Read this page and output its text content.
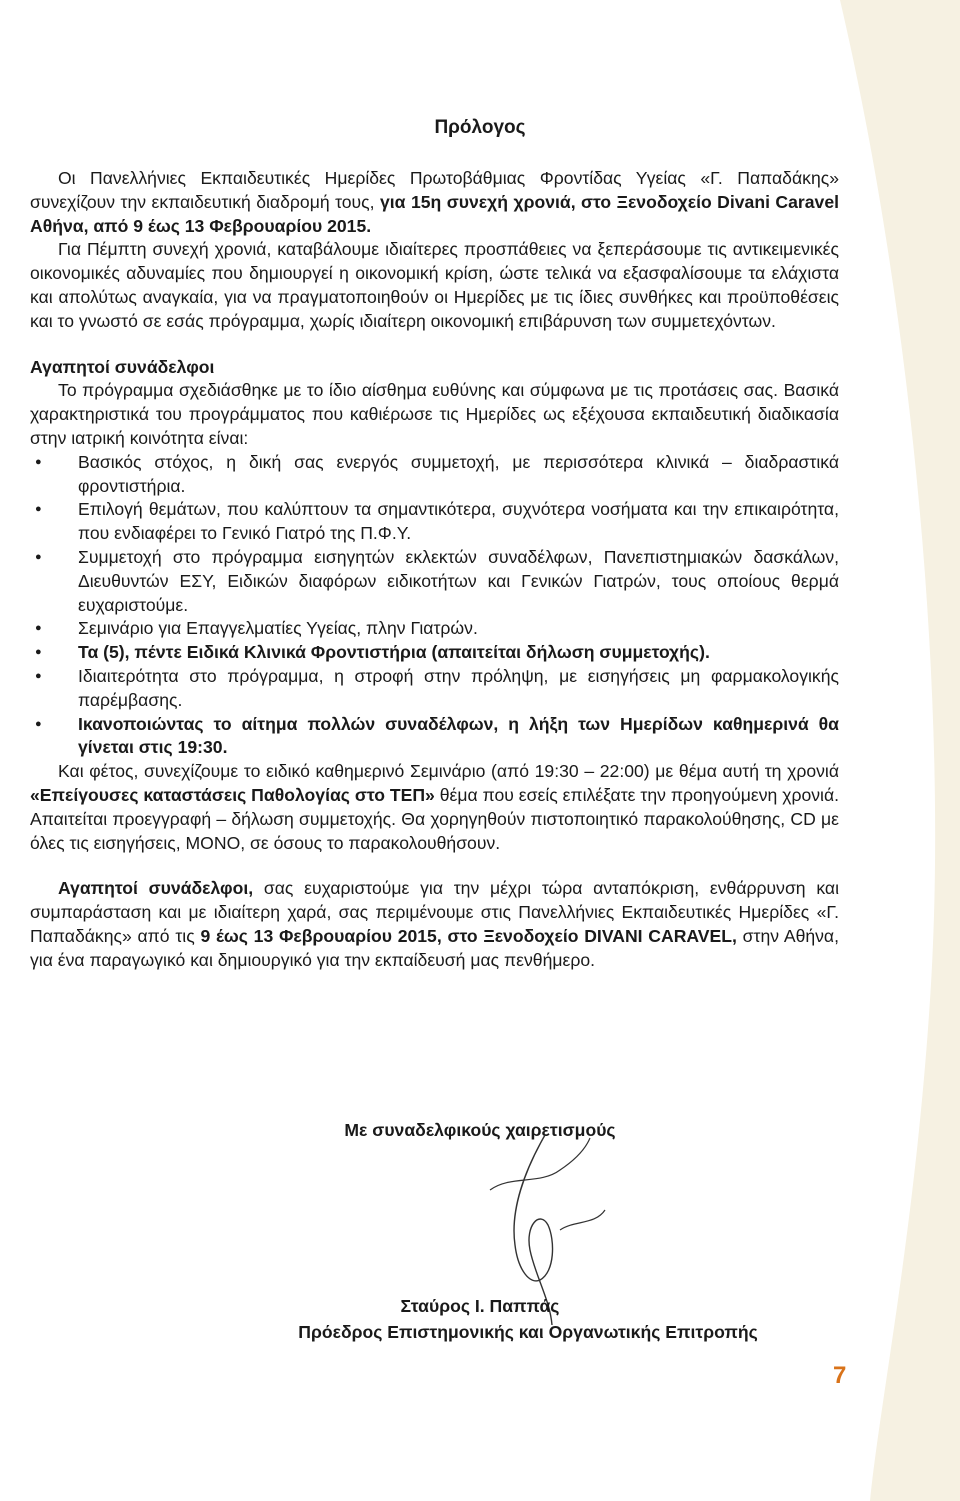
Πρόλογος

Οι Πανελλήνιες Εκπαιδευτικές Ημερίδες Πρωτοβάθμιας Φροντίδας Υγείας «Γ. Παπαδάκης» συνεχίζουν την εκπαιδευτική διαδρομή τους, για 15η συνεχή χρονιά, στο Ξενοδοχείο Divani Caravel Αθήνα, από 9 έως 13 Φεβρουαρίου 2015.

Για Πέμπτη συνεχή χρονιά, καταβάλουμε ιδιαίτερες προσπάθειες να ξεπεράσουμε τις αντικειμενικές οικονομικές αδυναμίες που δημιουργεί η οικονομική κρίση, ώστε τελικά να εξασφαλίσουμε τα ελάχιστα και απολύτως αναγκαία, για να πραγματοποιηθούν οι Ημερίδες με τις ίδιες συνθήκες και προϋποθέσεις και το γνωστό σε εσάς πρόγραμμα, χωρίς ιδιαίτερη οικονομική επιβάρυνση των συμμετεχόντων.

Αγαπητοί συνάδελφοι

Το πρόγραμμα σχεδιάσθηκε με το ίδιο αίσθημα ευθύνης και σύμφωνα με τις προτάσεις σας. Βασικά χαρακτηριστικά του προγράμματος που καθιέρωσε τις Ημερίδες ως εξέχουσα εκπαιδευτική διαδικασία στην ιατρική κοινότητα είναι:

● Βασικός στόχος, η δική σας ενεργός συμμετοχή, με περισσότερα κλινικά – διαδραστικά φροντιστήρια.
● Επιλογή θεμάτων, που καλύπτουν τα σημαντικότερα, συχνότερα νοσήματα και την επικαιρότητα, που ενδιαφέρει το Γενικό Γιατρό της Π.Φ.Υ.
● Συμμετοχή στο πρόγραμμα εισηγητών εκλεκτών συναδέλφων, Πανεπιστημιακών δασκάλων, Διευθυντών ΕΣΥ, Ειδικών διαφόρων ειδικοτήτων και Γενικών Γιατρών, τους οποίους θερμά ευχαριστούμε.
● Σεμινάριο για Επαγγελματίες Υγείας, πλην Γιατρών.
● Τα (5), πέντε Ειδικά Κλινικά Φροντιστήρια (απαιτείται δήλωση συμμετοχής).
● Ιδιαιτερότητα στο πρόγραμμα, η στροφή στην πρόληψη, με εισηγήσεις μη φαρμακολογικής παρέμβασης.
● Ικανοποιώντας το αίτημα πολλών συναδέλφων, η λήξη των Ημερίδων καθημερινά θα γίνεται στις 19:30.

Και φέτος, συνεχίζουμε το ειδικό καθημερινό Σεμινάριο (από 19:30 – 22:00) με θέμα αυτή τη χρονιά «Επείγουσες καταστάσεις Παθολογίας στο ΤΕΠ» θέμα που εσείς επιλέξατε την προηγούμενη χρονιά. Απαιτείται προεγγραφή – δήλωση συμμετοχής. Θα χορηγηθούν πιστοποιητικό παρακολούθησης, CD με όλες τις εισηγήσεις, ΜΟΝΟ, σε όσους το παρακολουθήσουν.

Αγαπητοί συνάδελφοι, σας ευχαριστούμε για την μέχρι τώρα ανταπόκριση, ενθάρρυνση και συμπαράσταση και με ιδιαίτερη χαρά, σας περιμένουμε στις Πανελλήνιες Εκπαιδευτικές Ημερίδες «Γ. Παπαδάκης» από τις 9 έως 13 Φεβρουαρίου 2015, στο Ξενοδοχείο DIVANI CARAVEL, στην Αθήνα, για ένα παραγωγικό και δημιουργικό για την εκπαίδευσή μας πενθήμερο.

Με συναδελφικούς χαιρετισμούς
Σταύρος Ι. Παππάς
Πρόεδρος Επιστημονικής και Οργανωτικής Επιτροπής
7
